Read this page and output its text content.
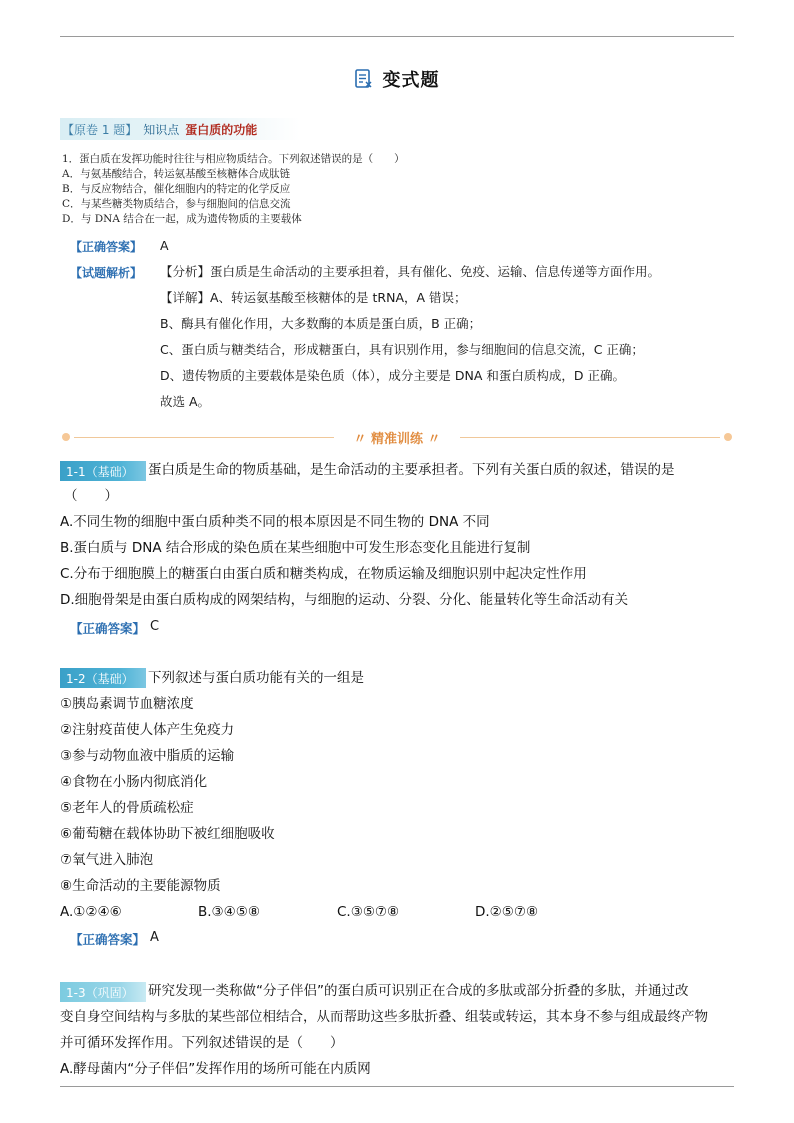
变式题
【原卷 1 题】 知识点 蛋白质的功能
1．蛋白质在发挥功能时往往与相应物质结合。下列叙述错误的是（　　）
A．与氨基酸结合，转运氨基酸至核糖体合成肽链
B．与反应物结合，催化细胞内的特定的化学反应
C．与某些糖类物质结合，参与细胞间的信息交流
D．与 DNA 结合在一起，成为遗传物质的主要载体
【正确答案】 A
【试题解析】 【分析】蛋白质是生命活动的主要承担着，具有催化、免疫、运输、信息传递等方面作用。
【详解】A、转运氨基酸至核糖体的是 tRNA，A 错误；
B、酶具有催化作用，大多数酶的本质是蛋白质，B 正确；
C、蛋白质与糖类结合，形成糖蛋白，具有识别作用，参与细胞间的信息交流，C 正确；
D、遗传物质的主要载体是染色质（体），成分主要是 DNA 和蛋白质构成，D 正确。
故选 A。
〃 精准训练 〃
1-1（基础）	蛋白质是生命的物质基础，是生命活动的主要承担者。下列有关蛋白质的叙述，错误的是
（　　）
A.不同生物的细胞中蛋白质种类不同的根本原因是不同生物的 DNA 不同
B.蛋白质与 DNA 结合形成的染色质在某些细胞中可发生形态变化且能进行复制
C.分布于细胞膜上的糖蛋白由蛋白质和糖类构成，在物质运输及细胞识别中起决定性作用
D.细胞骨架是由蛋白质构成的网架结构，与细胞的运动、分裂、分化、能量转化等生命活动有关
【正确答案】 C
1-2（基础）	下列叙述与蛋白质功能有关的一组是
①胰岛素调节血糖浓度
②注射疫苗使人体产生免疫力
③参与动物血液中脂质的运输
④食物在小肠内彻底消化
⑤老年人的骨质疏松症
⑥葡萄糖在载体协助下被红细胞吸收
⑦氧气进入肺泡
⑧生命活动的主要能源物质
A.①②④⑥	B.③④⑤⑧	C.③⑤⑦⑧	D.②⑤⑦⑧
【正确答案】 A
1-3（巩固）	研究发现一类称做“分子伴侣”的蛋白质可识别正在合成的多肽或部分折叠的多肽，并通过改
变自身空间结构与多肽的某些部位相结合，从而帮助这些多肽折叠、组装或转运，其本身不参与组成最终产物
并可循环发挥作用。下列叙述错误的是（　　）
A.酵母菌内“分子伴侣”发挥作用的场所可能在内质网
